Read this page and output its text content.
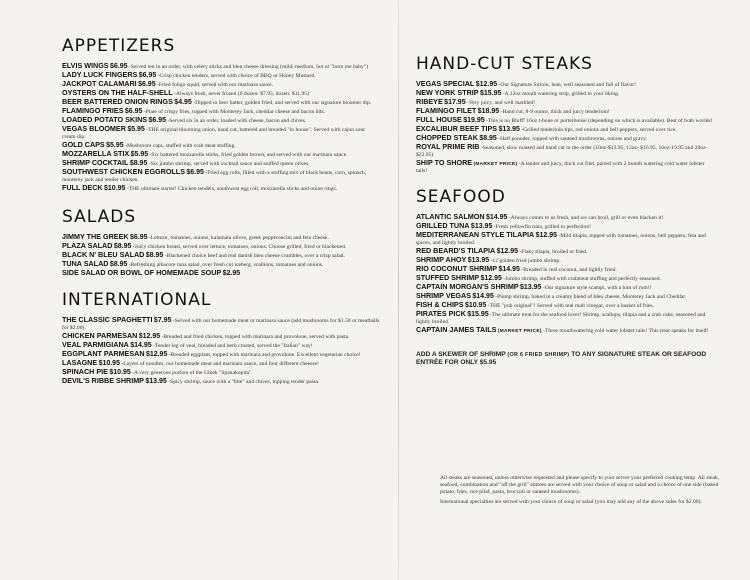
APPETIZERS

ELVIS WINGS $6.95 -Served ten in an order, with celery sticks and bleu cheese dressing (mild, medium, hot or "burn me baby")

LADY LUCK FINGERS $6.95 -Crisp chicken tenders, served with choice of BBQ or Honey Mustard.

JACKPOT CALAMARI $6.95 -Fried foligo squid, served with our marinara sauce.

OYSTERS ON THE HALF-SHELL -Always fresh, never frozen (6 dozen: $7.95, dozen: $11.95)

BEER BATTERED ONION RINGS $4.95 -Dipped in beer batter, golden fried, and served with our signature bloomer dip.

FLAMINGO FRIES $6.95 -Plate of crispy fries, topped with Monterey Jack, cheddar cheese and bacon bits.

LOADED POTATO SKINS $6.95 -Served six in an order, loaded with cheese, bacon and chives.

VEGAS BLOOMER $5.95 -THE original blooming onion, hand cut, battered and breaded "in house". Served with cajun sour cream dip.

GOLD CAPS $5.95 -Mushroom caps, stuffed with crab meat stuffing.

MOZZARELLA STIX $5.95 -Six battered mozzarella sticks, fried golden brown, and served with our marinara sauce.

SHRIMP COCKTAIL $8.95 -Six jumbo shrimp, served with cocktail sauce and stuffed queen olives.

SOUTHWEST CHICKEN EGGROLLS $6.95 -Fried egg rolls, filled with a stuffing mix of black beans, corn, spinach, monterey jack and tender chicken.

FULL DECK $10.95 -THE ultimate starter! Chicken tenders, southwest egg roll, mozzarella sticks and onion rings.

SALADS

JIMMY THE GREEK $6.95 -Lettuce, tomatoes, onions, kalamata olives, greek pepperoncini and feta cheese.

PLAZA SALAD $8.95 -Juicy chicken breast, served over lettuce, tomatoes, onions. Choose grilled, fried or blackened.

BLACK N' BLEU SALAD $8.95 -Blackened choice beef and real danish bleu cheese crumbles, over a crisp salad.

TUNA SALAD $8.95 -Refreshing albacore tuna salad, over fresh cut iceberg, scallions, tomatoes and onions.

SIDE SALAD OR BOWL OF HOMEMADE SOUP $2.95

INTERNATIONAL

THE CLASSIC SPAGHETTI $7.95 -Served with our homemade meat or marinara sauce (add mushrooms for $1.50 or meatballs for $2.00).

CHICKEN PARMESAN $12.95 -Breaded and fried chicken, topped with marinara and provolone, served with pasta.

VEAL PARMIGIANA $14.95 -Tender leg of veal, breaded and herb crusted, served the "Italian" way!

EGGPLANT PARMESAN $12.95 -Breaded eggplant, topped with marinara and provolone. Excellent vegetarian choice!

LASAGNE $10.95 -Layers of noodles, our homemade meat and marinara sauce, and four different cheeses!

SPINACH PIE $10.95 -A very generous portion of the Greek "Spanakopita".

DEVIL'S RIBBE SHRIMP $13.95 -Spicy shrimp, sauce with a "bite" and chives, topping tender pasta.

HAND-CUT STEAKS

VEGAS SPECIAL $12.95 -Our Signature Sirloin, lean, well seasoned and full of flavor!

NEW YORK STRIP $15.95 -A 12oz mouth watering strip, grilled to your liking.

RIBEYE $17.95 -Very juicy, and well marbled!

FLAMINGO FILET $18.95 -Hand cut, 8-9 ounce, thick and juicy tenderloin!

FULL HOUSE $19.95 -This is no Bluff! 16oz t-bone or porterhouse (depending on which is available). Best of both worlds!

EXCALIBUR BEEF TIPS $13.95 -Grilled tenderloin tips, red onions and bell peppers, served over rice.

CHOPPED STEAK $8.95 -Half pounder, topped with sauteed mushrooms, onions and gravy.

ROYAL PRIME RIB -Seasoned, slow roasted and hand cut to the order (10oz-$13.95, 12oz- $16.95, 16oz-19.95 and 20oz- $22.95).

SHIP TO SHORE (MARKET PRICE) -A tender and juicy, thick cut filet, paired with 2 mouth watering cold water lobster tails!

SEAFOOD

ATLANTIC SALMON $14.95 -Always comes to us fresh, and we can broil, grill or even blacken it!

GRILLED TUNA $13.95 -Fresh yellowfin tuna, grilled to perfection!

MEDITERRANEAN STYLE TILAPIA $12.95 -Mild tilapia, topped with tomatoes, onions, bell peppers, feta and spices, and lightly broiled.

RED BEARD'S TILAPIA $12.95 -Flaky tilapia, broiled or fried.

SHRIMP AHOY $13.95 -12 golden fried jumbo shrimp.

RIO COCONUT SHRIMP $14.95 -Breaded in real coconut, and lightly fried.

STUFFED SHRIMP $12.95 -Jumbo shrimp, stuffed with crabmeat stuffing and perfectly seasoned.

CAPTAIN MORGAN'S SHRIMP $13.95 -Our signature style scampi, with a hint of rum!!

SHRIMP VEGAS $14.95 -Plump shrimp, baked in a creamy blend of bleu cheese, Monterey Jack and Cheddar.

FISH & CHIPS $10.95 -THE "pub original"! Served with real malt vinegar, over a basket of fries.

PIRATES PICK $15.95 -The ultimate treat for the seafood lover! Shrimp, scallops, tilapia and a crab cake, seasoned and lightly broiled.

CAPTAIN JAMES TAILS (MARKET PRICE) -Three mouthwatering cold water lobster tails! This treat speaks for itself!

ADD A SKEWER OF SHRIMP (OR 6 FRIED SHRIMP) TO ANY SIGNATURE STEAK OR SEAFOOD ENTRÉE FOR ONLY $5.95

All steaks are seasoned, unless otherwise requested and please specify to your server your preferred cooking temp. All steak, seafood, combination and "off the grill" entrees are served with your choice of soup or salad and a choice of one side (baked potato, fries, rice pilaf, pasta, broccoli or sauteed mushrooms).

International specialties are served with your choice of soup or salad (you may add any of the above sides for $2.00).
